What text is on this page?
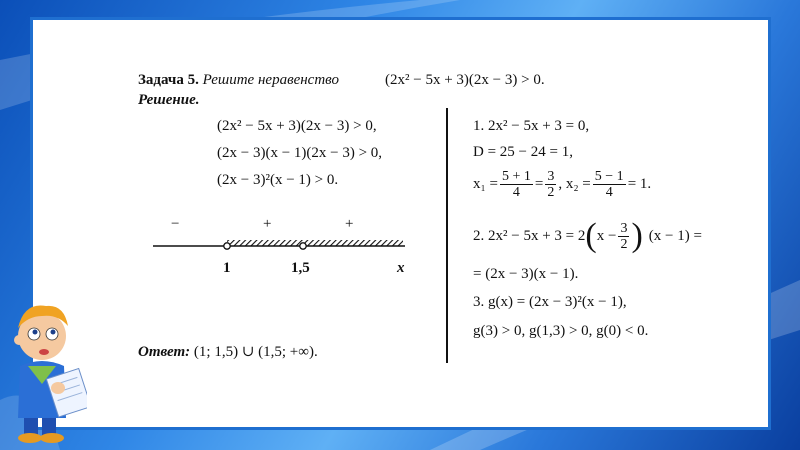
Задача 5. Решите неравенство	(2x² − 5x + 3)(2x − 3) > 0.
Решение.
(2x² − 5x + 3)(2x − 3) > 0,
(2x − 3)(x − 1)(2x − 3) > 0,
(2x − 3)²(x − 1) > 0.
−	+	+
1	1,5	x
1. 2x² − 5x + 3 = 0,
D = 25 − 24 = 1,
$x_1 = \frac{5 + 1}{4} = \frac{3}{2}$ , $x_2 = \frac{5 - 1}{4} = 1$.
2. 2x² − 5x + 3 = 2 ( $x - \frac{3}{2}$ ) (x − 1) =
= (2x − 3)(x − 1).
3. g(x) = (2x − 3)²(x − 1),
g(3) > 0, g(1,3) > 0, g(0) < 0.
Ответ: (1; 1,5) ∪ (1,5; +∞).
